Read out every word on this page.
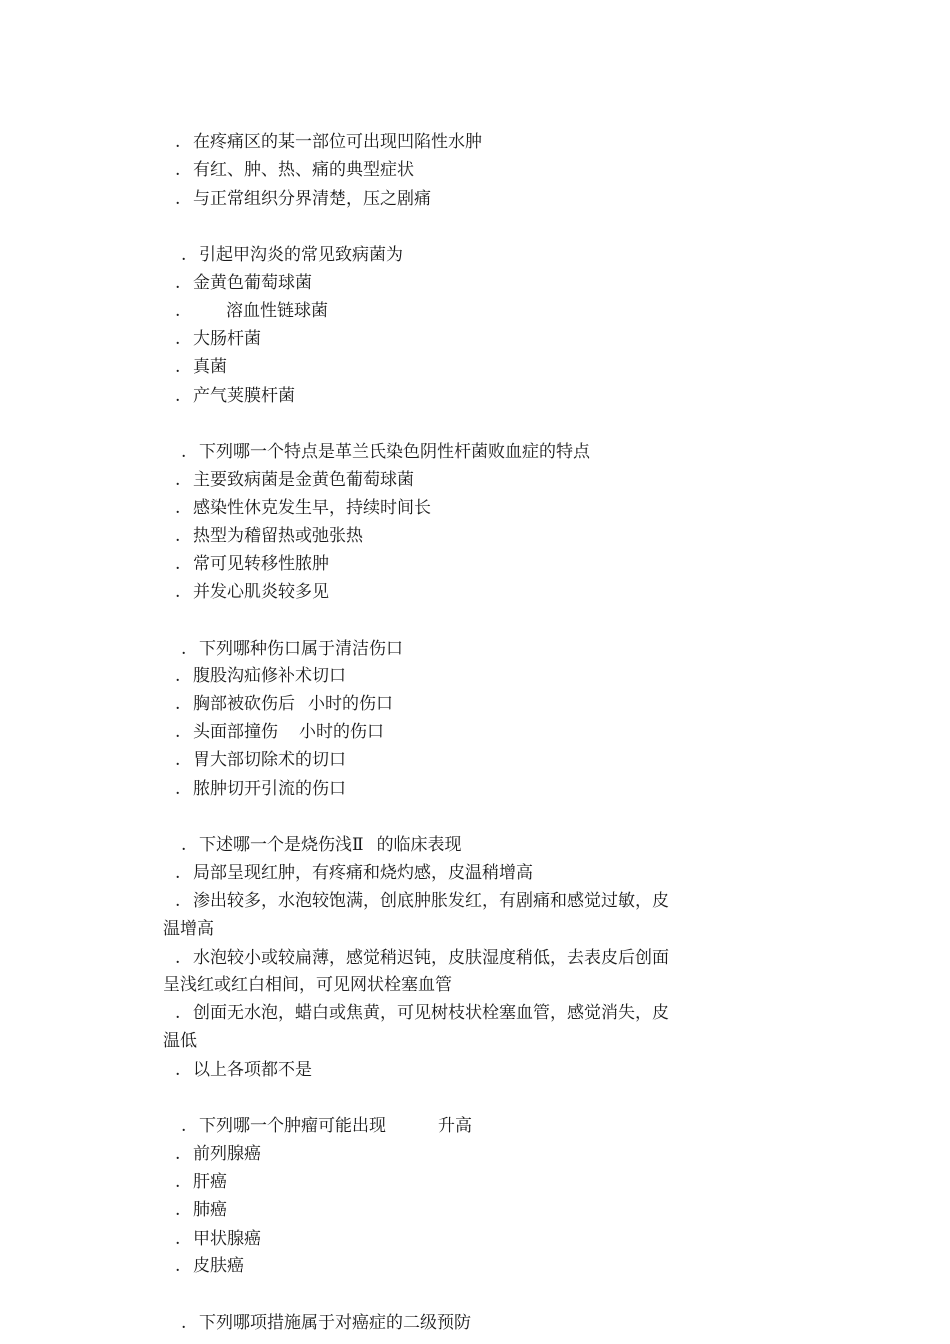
. 在疼痛区的某一部位可出现凹陷性水肿
. 有红、肿、热、痛的典型症状
. 与正常组织分界清楚，压之剧痛
. 引起甲沟炎的常见致病菌为
. 金黄色葡萄球菌
.	溶血性链球菌
. 大肠杆菌
. 真菌
. 产气荚膜杆菌
. 下列哪一个特点是革兰氏染色阴性杆菌败血症的特点
. 主要致病菌是金黄色葡萄球菌
. 感染性休克发生早，持续时间长
. 热型为稽留热或弛张热
. 常可见转移性脓肿
. 并发心肌炎较多见
. 下列哪种伤口属于清洁伤口
. 腹股沟疝修补术切口
. 胸部被砍伤后 小时的伤口
. 头面部撞伤 小时的伤口
. 胃大部切除术的切口
. 脓肿切开引流的伤口
. 下述哪一个是烧伤浅Ⅱ 的临床表现
. 局部呈现红肿，有疼痛和烧灼感，皮温稍增高
. 渗出较多，水泡较饱满，创底肿胀发红，有剧痛和感觉过敏，皮
温增高
. 水泡较小或较扁薄，感觉稍迟钝，皮肤湿度稍低，去表皮后创面
呈浅红或红白相间，可见网状栓塞血管
. 创面无水泡，蜡白或焦黄，可见树枝状栓塞血管，感觉消失，皮
温低
. 以上各项都不是
. 下列哪一个肿瘤可能出现	升高
. 前列腺癌
. 肝癌
. 肺癌
. 甲状腺癌
. 皮肤癌
. 下列哪项措施属于对癌症的二级预防
